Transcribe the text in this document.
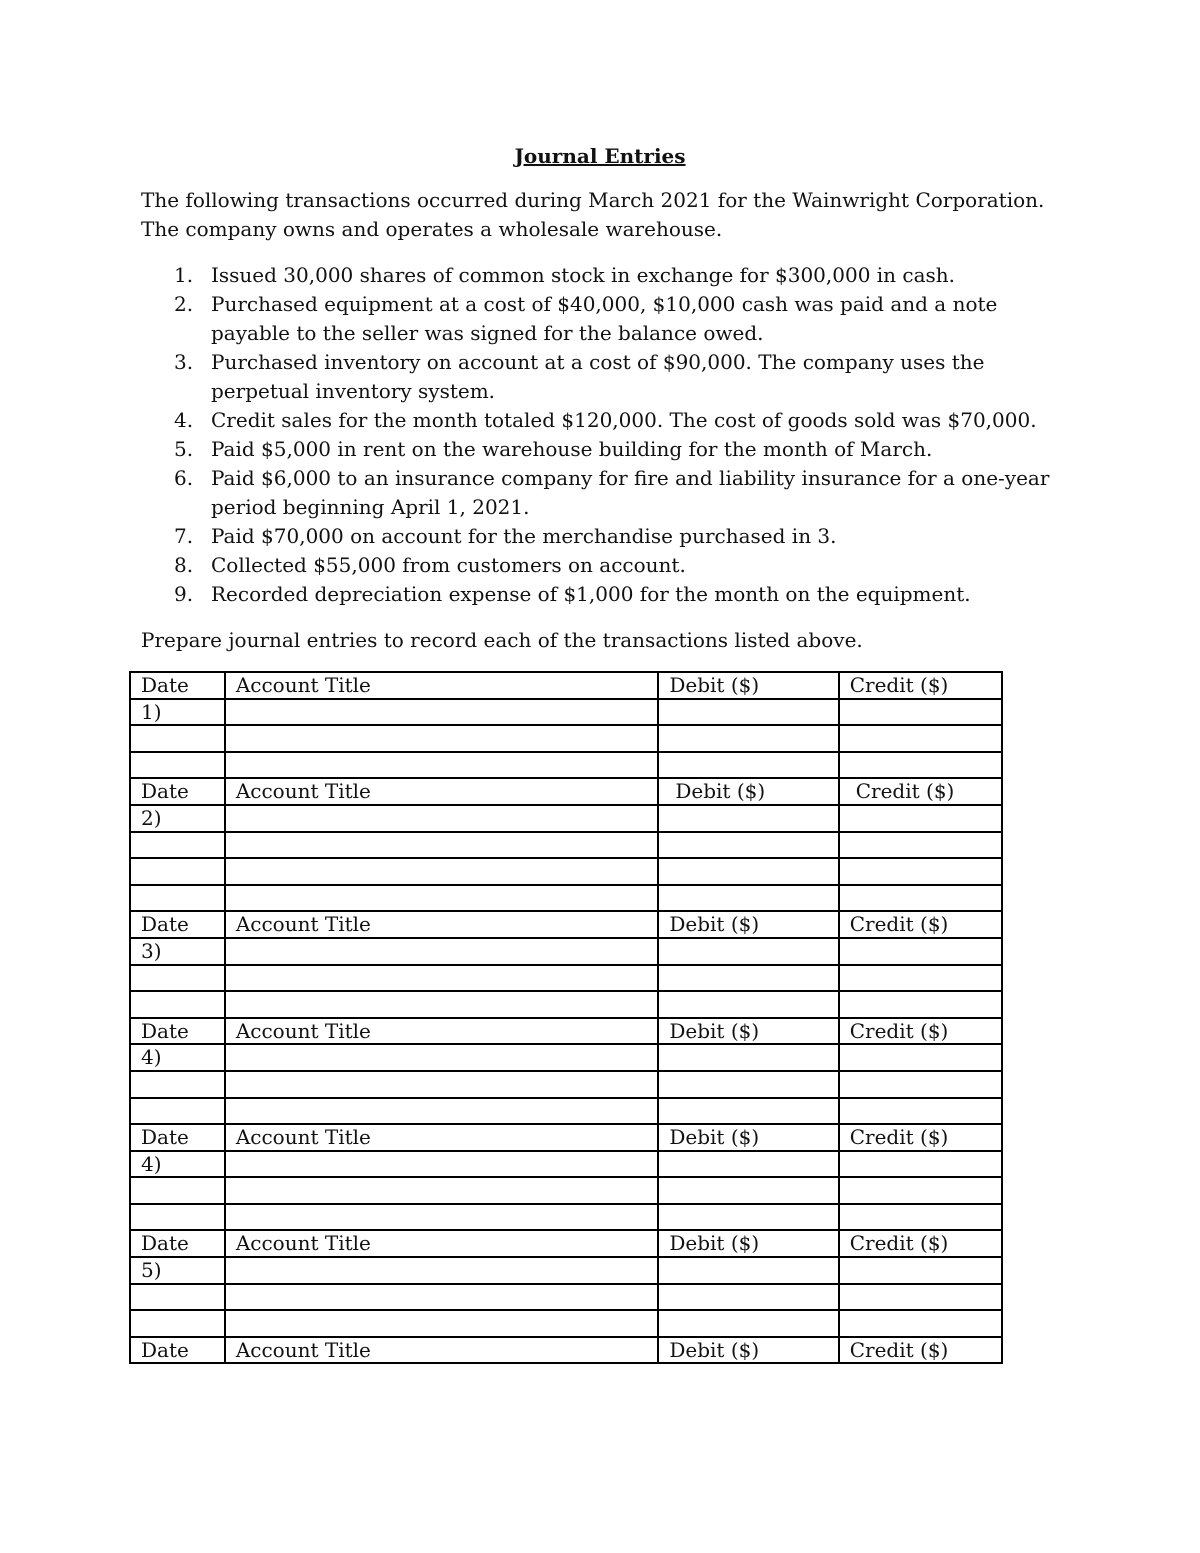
Journal Entries
The following transactions occurred during March 2021 for the Wainwright Corporation. The company owns and operates a wholesale warehouse.
1. Issued 30,000 shares of common stock in exchange for $300,000 in cash.
2. Purchased equipment at a cost of $40,000, $10,000 cash was paid and a note payable to the seller was signed for the balance owed.
3. Purchased inventory on account at a cost of $90,000. The company uses the perpetual inventory system.
4. Credit sales for the month totaled $120,000. The cost of goods sold was $70,000.
5. Paid $5,000 in rent on the warehouse building for the month of March.
6. Paid $6,000 to an insurance company for fire and liability insurance for a one-year period beginning April 1, 2021.
7. Paid $70,000 on account for the merchandise purchased in 3.
8. Collected $55,000 from customers on account.
9. Recorded depreciation expense of $1,000 for the month on the equipment.
Prepare journal entries to record each of the transactions listed above.
Date	Account Title	Debit ($)	Credit ($)
1)			

Date	Account Title	Debit ($)	Credit ($)
2)			

Date	Account Title	Debit ($)	Credit ($)
3)			

Date	Account Title	Debit ($)	Credit ($)
4)			

Date	Account Title	Debit ($)	Credit ($)
4)			

Date	Account Title	Debit ($)	Credit ($)
5)			

Date	Account Title	Debit ($)	Credit ($)
